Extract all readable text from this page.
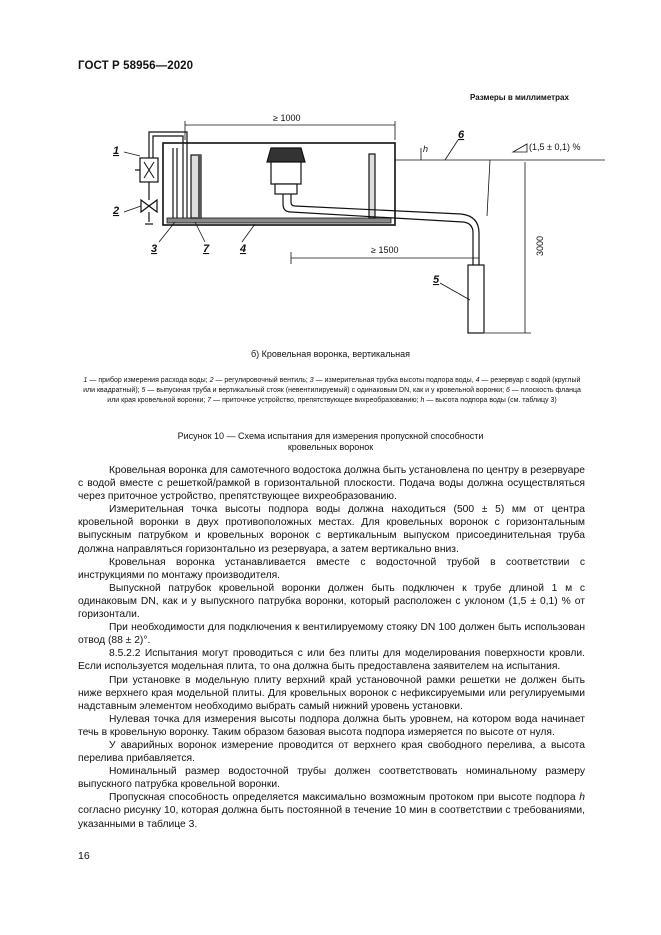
ГОСТ Р 58956—2020
Размеры в миллиметрах
≥ 1000
≥ 1500	3000
(1,5 ± 0,1) %
h
1
2
3	7	4
6
5
б) Кровельная воронка, вертикальная
1 — прибор измерения расхода воды; 2 — регулировочный вентиль; 3 — измерительная трубка высоты подпора воды, 4 — резервуар с водой (круглый или квадратный); 5 — выпускная труба и вертикальный стояк (невентилируемый) с одинаковым DN, как и у кровельной воронки; 6 — плоскость фланца или края кровельной воронки; 7 — приточное устройство, препятствующее вихреобразованию; h — высота подпора воды (см. таблицу 3)
Рисунок 10 — Схема испытания для измерения пропускной способности
кровельных воронок

Кровельная воронка для самотечного водостока должна быть установлена по центру в резервуаре с водой вместе с решеткой/рамкой в горизонтальной плоскости. Подача воды должна осуществляться через приточное устройство, препятствующее вихреобразованию.

Измерительная точка высоты подпора воды должна находиться (500 ± 5) мм от центра кровельной воронки в двух противоположных местах. Для кровельных воронок с горизонтальным выпускным патрубком и кровельных воронок с вертикальным выпуском присоединительная труба должна направляться горизонтально из резервуара, а затем вертикально вниз.

Кровельная воронка устанавливается вместе с водосточной трубой в соответствии с инструкциями по монтажу производителя.

Выпускной патрубок кровельной воронки должен быть подключен к трубе длиной 1 м с одинаковым DN, как и у выпускного патрубка воронки, который расположен с уклоном (1,5 ± 0,1) % от горизонтали.

При необходимости для подключения к вентилируемому стояку DN 100 должен быть использован отвод (88 ± 2)°.

8.5.2.2 Испытания могут проводиться с или без плиты для моделирования поверхности кровли. Если используется модельная плита, то она должна быть предоставлена заявителем на испытания.

При установке в модельную плиту верхний край установочной рамки решетки не должен быть ниже верхнего края модельной плиты. Для кровельных воронок с нефиксируемыми или регулируемыми надставным элементом необходимо выбрать самый нижний уровень установки.

Нулевая точка для измерения высоты подпора должна быть уровнем, на котором вода начинает течь в кровельную воронку. Таким образом базовая высота подпора измеряется по высоте от нуля.

У аварийных воронок измерение проводится от верхнего края свободного перелива, а высота перелива прибавляется.

Номинальный размер водосточной трубы должен соответствовать номинальному размеру выпускного патрубка кровельной воронки.

Пропускная способность определяется максимально возможным протоком при высоте подпора h согласно рисунку 10, которая должна быть постоянной в течение 10 мин в соответствии с требованиями, указанными в таблице 3.

16
